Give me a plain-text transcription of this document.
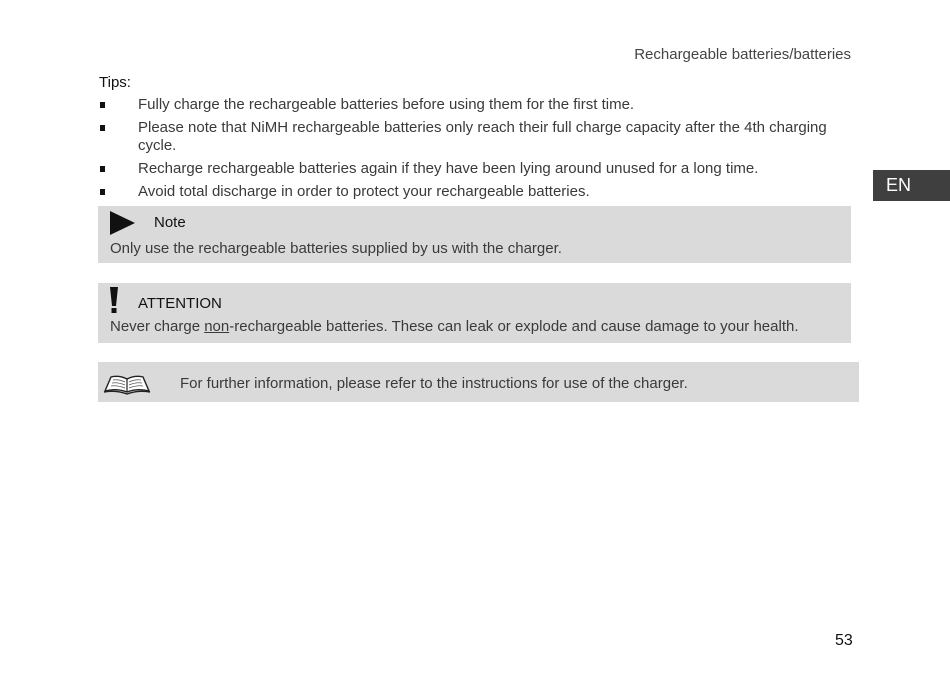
Rechargeable batteries/batteries
EN
Tips:
Fully charge the rechargeable batteries before using them for the first time.
Please note that NiMH rechargeable batteries only reach their full charge capacity after the 4th charging cycle.
Recharge rechargeable batteries again if they have been lying around unused for a long time.
Avoid total discharge in order to protect your rechargeable batteries.
Note
Only use the rechargeable batteries supplied by us with the charger.
ATTENTION
Never charge non-rechargeable batteries. These can leak or explode and cause damage to your health.
For further information, please refer to the instructions for use of the charger.
53
